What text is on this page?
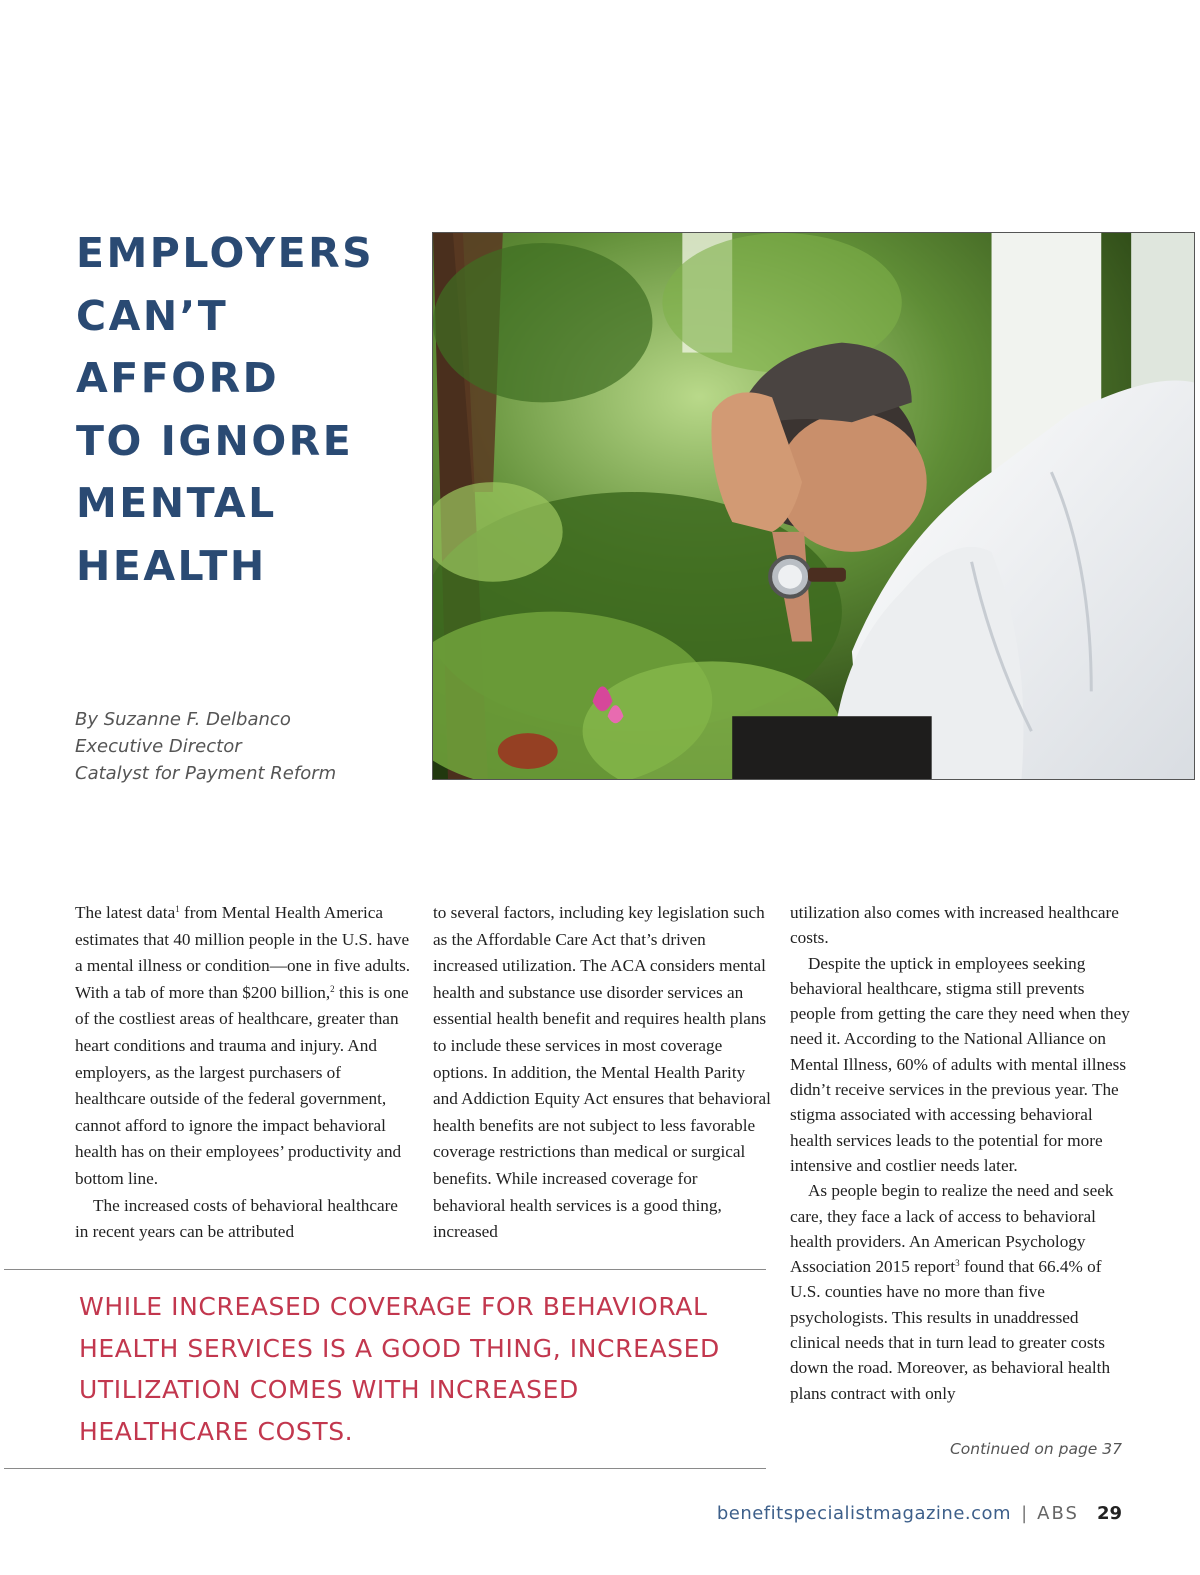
EMPLOYERS
CAN’T
AFFORD
TO IGNORE
MENTAL
HEALTH
By Suzanne F. Delbanco
Executive Director
Catalyst for Payment Reform

The latest data$^1$ from Mental Health America estimates that 40 million people in the U.S. have a mental illness or condition—one in five adults. With a tab of more than $200 billion,$^2$ this is one of the costliest areas of healthcare, greater than heart conditions and trauma and injury. And employers, as the largest purchasers of healthcare outside of the federal government, cannot afford to ignore the impact behavioral health has on their employees’ productivity and bottom line.

The increased costs of behavioral healthcare in recent years can be attributed

to several factors, including key legislation such as the Affordable Care Act that’s driven increased utilization. The ACA considers mental health and substance use disorder services an essential health benefit and requires health plans to include these services in most coverage options. In addition, the Mental Health Parity and Addiction Equity Act ensures that behavioral health benefits are not subject to less favorable coverage restrictions than medical or surgical benefits. While increased coverage for behavioral health services is a good thing, increased

utilization also comes with increased healthcare costs.

Despite the uptick in employees seeking behavioral healthcare, stigma still prevents people from getting the care they need when they need it. According to the National Alliance on Mental Illness, 60% of adults with mental illness didn’t receive services in the previous year. The stigma associated with accessing behavioral health services leads to the potential for more intensive and costlier needs later.

As people begin to realize the need and seek care, they face a lack of access to behavioral health providers. An American Psychology Association 2015 report$^3$ found that 66.4% of U.S. counties have no more than five psychologists. This results in unaddressed clinical needs that in turn lead to greater costs down the road. Moreover, as behavioral health plans contract with only

WHILE INCREASED COVERAGE FOR BEHAVIORAL HEALTH SERVICES IS A GOOD THING, INCREASED UTILIZATION COMES WITH INCREASED HEALTHCARE COSTS.
Continued on page 37
benefitspecialistmagazine.com | ABS 29
